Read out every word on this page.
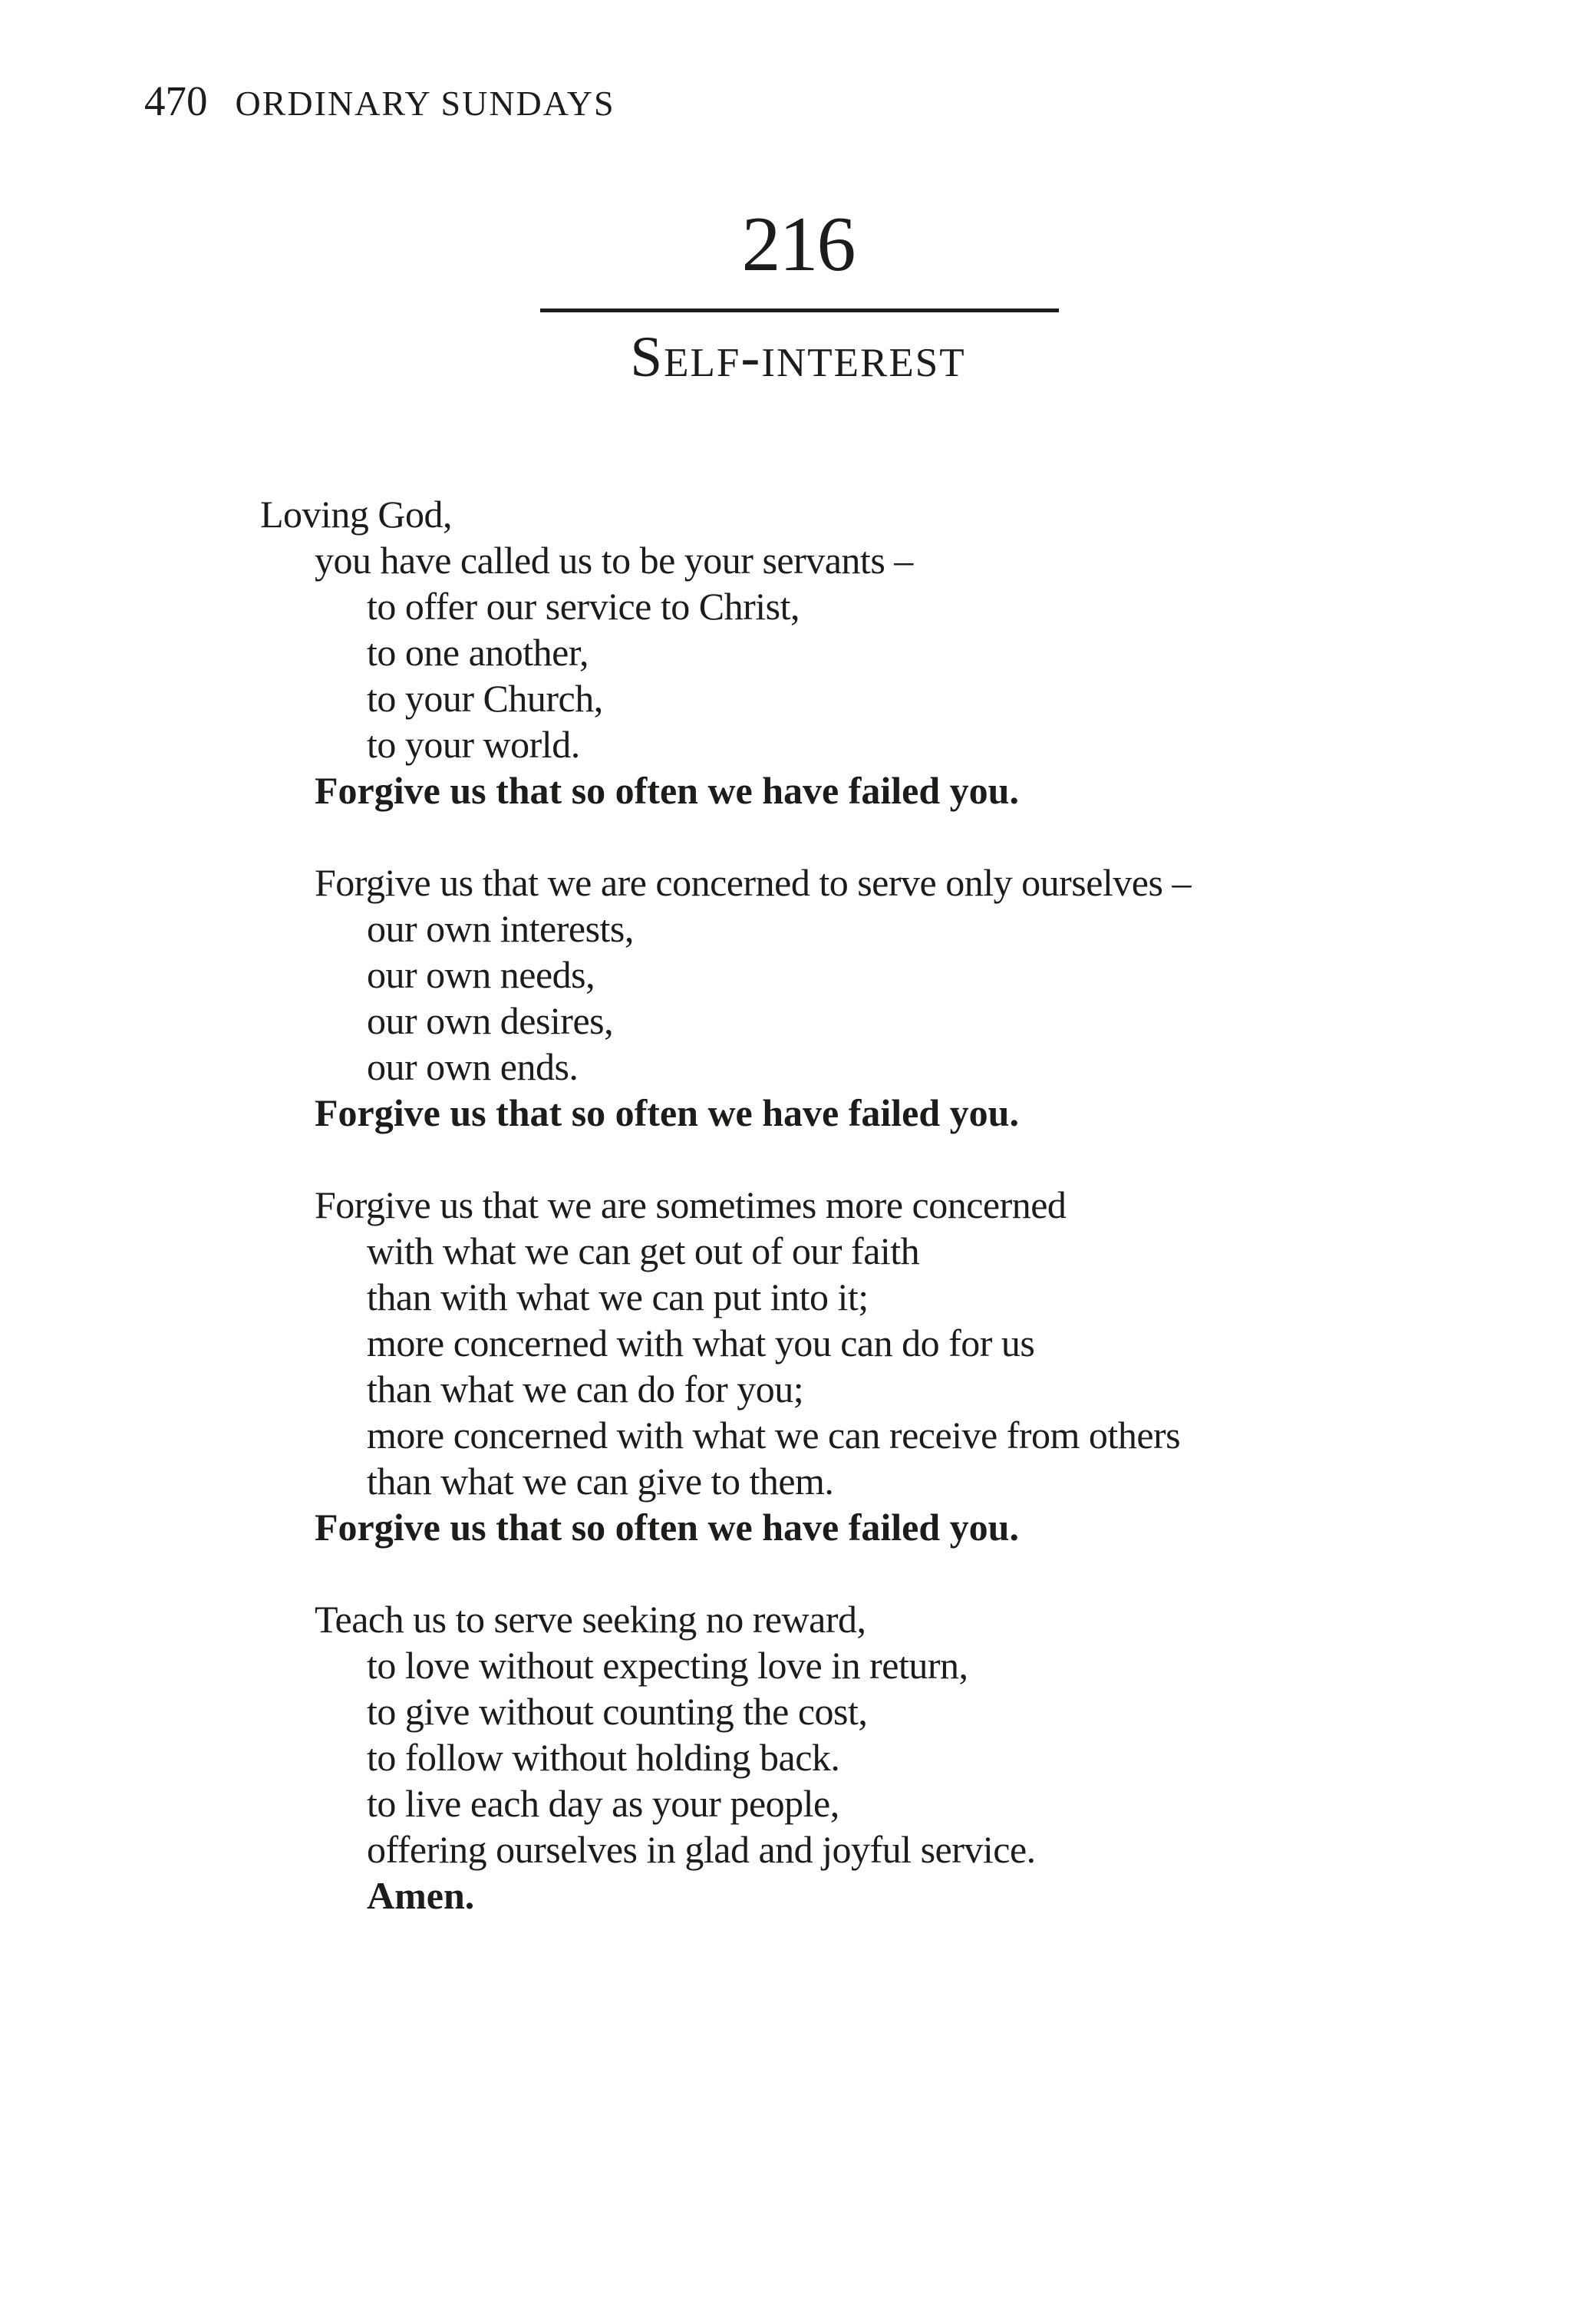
470 ORDINARY SUNDAYS
216
Self-interest
Loving God,
you have called us to be your servants –
to offer our service to Christ,
to one another,
to your Church,
to your world.
Forgive us that so often we have failed you.
Forgive us that we are concerned to serve only ourselves –
our own interests,
our own needs,
our own desires,
our own ends.
Forgive us that so often we have failed you.
Forgive us that we are sometimes more concerned
with what we can get out of our faith
than with what we can put into it;
more concerned with what you can do for us
than what we can do for you;
more concerned with what we can receive from others
than what we can give to them.
Forgive us that so often we have failed you.
Teach us to serve seeking no reward,
to love without expecting love in return,
to give without counting the cost,
to follow without holding back.
to live each day as your people,
offering ourselves in glad and joyful service.
Amen.
